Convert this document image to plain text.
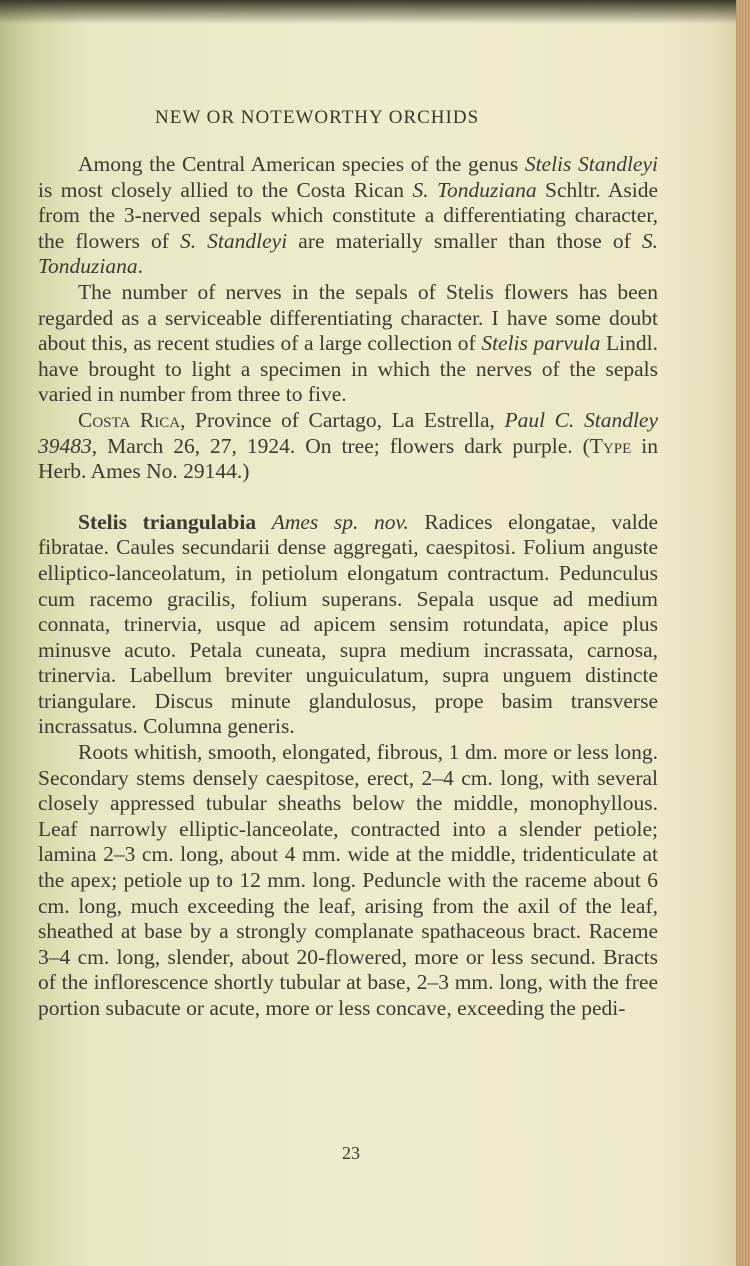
NEW OR NOTEWORTHY ORCHIDS

Among the Central American species of the genus Stelis Standleyi is most closely allied to the Costa Rican S. Tonduziana Schltr. Aside from the 3-nerved sepals which constitute a differentiating character, the flowers of S. Standleyi are materially smaller than those of S. Tonduziana.

The number of nerves in the sepals of Stelis flowers has been regarded as a serviceable differentiating character. I have some doubt about this, as recent studies of a large collection of Stelis parvula Lindl. have brought to light a specimen in which the nerves of the sepals varied in number from three to five.

Costa Rica, Province of Cartago, La Estrella, Paul C. Standley 39483, March 26, 27, 1924. On tree; flowers dark purple. (Type in Herb. Ames No. 29144.)

Stelis triangulabia Ames sp. nov. Radices elongatae, valde fibratae. Caules secundarii dense aggregati, caespitosi. Folium anguste elliptico-lanceolatum, in petiolum elongatum contractum. Pedunculus cum racemo gracilis, folium superans. Sepala usque ad medium connata, trinervia, usque ad apicem sensim rotundata, apice plus minusve acuto. Petala cuneata, supra medium incrassata, carnosa, trinervia. Labellum breviter unguiculatum, supra unguem distincte triangulare. Discus minute glandulosus, prope basim transverse incrassatus. Columna generis.

Roots whitish, smooth, elongated, fibrous, 1 dm. more or less long. Secondary stems densely caespitose, erect, 2–4 cm. long, with several closely appressed tubular sheaths below the middle, monophyllous. Leaf narrowly elliptic-lanceolate, contracted into a slender petiole; lamina 2–3 cm. long, about 4 mm. wide at the middle, tridenticulate at the apex; petiole up to 12 mm. long. Peduncle with the raceme about 6 cm. long, much exceeding the leaf, arising from the axil of the leaf, sheathed at base by a strongly complanate spathaceous bract. Raceme 3–4 cm. long, slender, about 20-flowered, more or less secund. Bracts of the inflorescence shortly tubular at base, 2–3 mm. long, with the free portion subacute or acute, more or less concave, exceeding the pedi-

23
